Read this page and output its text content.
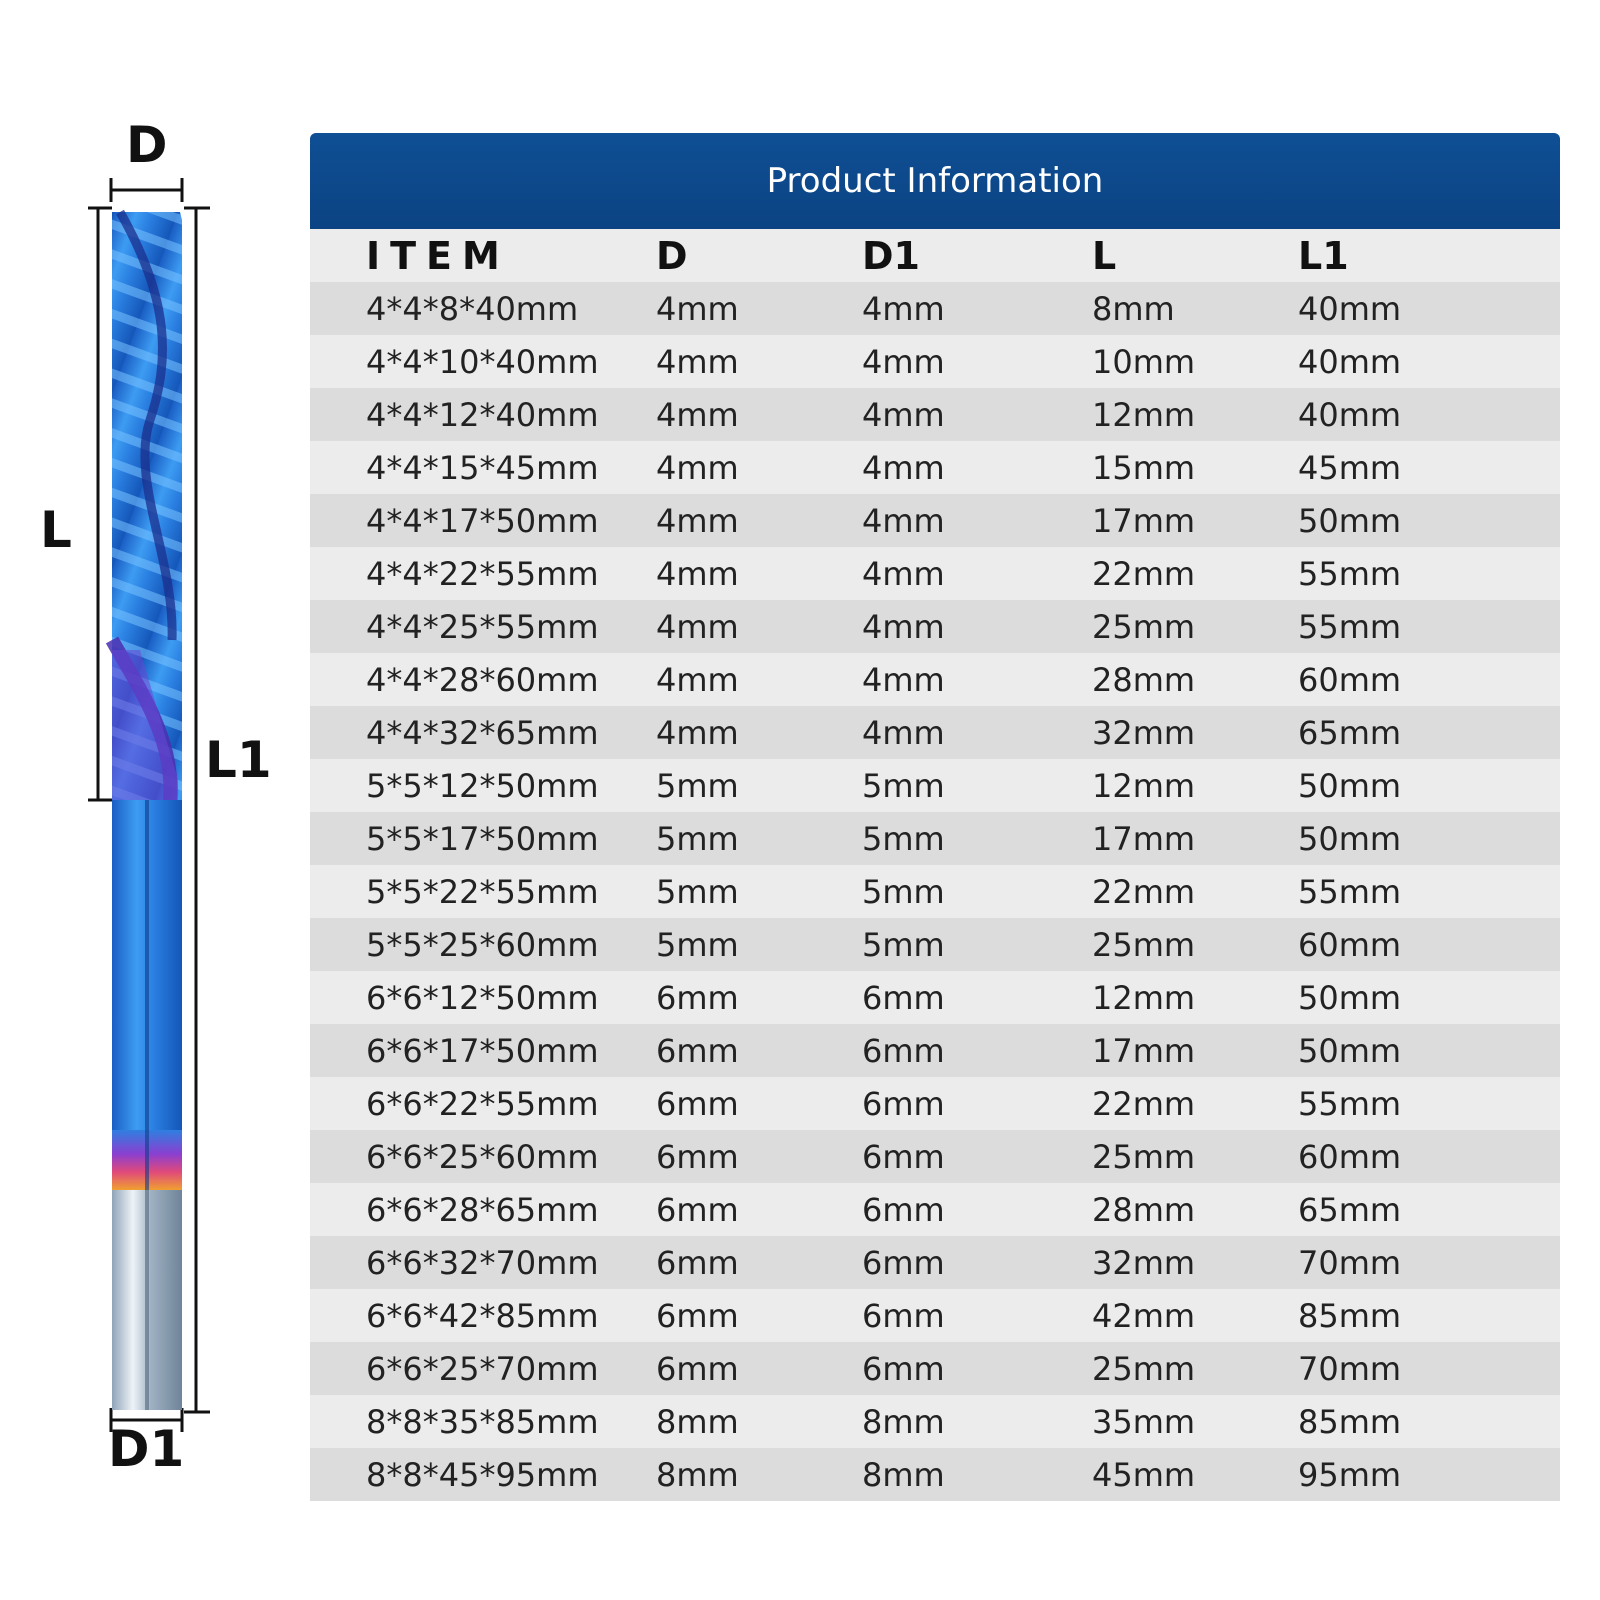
D
L
L1
D1
Product Information
ITEM	D	D1	L	L1
4*4*8*40mm	4mm	4mm	8mm	40mm
4*4*10*40mm	4mm	4mm	10mm	40mm
4*4*12*40mm	4mm	4mm	12mm	40mm
4*4*15*45mm	4mm	4mm	15mm	45mm
4*4*17*50mm	4mm	4mm	17mm	50mm
4*4*22*55mm	4mm	4mm	22mm	55mm
4*4*25*55mm	4mm	4mm	25mm	55mm
4*4*28*60mm	4mm	4mm	28mm	60mm
4*4*32*65mm	4mm	4mm	32mm	65mm
5*5*12*50mm	5mm	5mm	12mm	50mm
5*5*17*50mm	5mm	5mm	17mm	50mm
5*5*22*55mm	5mm	5mm	22mm	55mm
5*5*25*60mm	5mm	5mm	25mm	60mm
6*6*12*50mm	6mm	6mm	12mm	50mm
6*6*17*50mm	6mm	6mm	17mm	50mm
6*6*22*55mm	6mm	6mm	22mm	55mm
6*6*25*60mm	6mm	6mm	25mm	60mm
6*6*28*65mm	6mm	6mm	28mm	65mm
6*6*32*70mm	6mm	6mm	32mm	70mm
6*6*42*85mm	6mm	6mm	42mm	85mm
6*6*25*70mm	6mm	6mm	25mm	70mm
8*8*35*85mm	8mm	8mm	35mm	85mm
8*8*45*95mm	8mm	8mm	45mm	95mm
